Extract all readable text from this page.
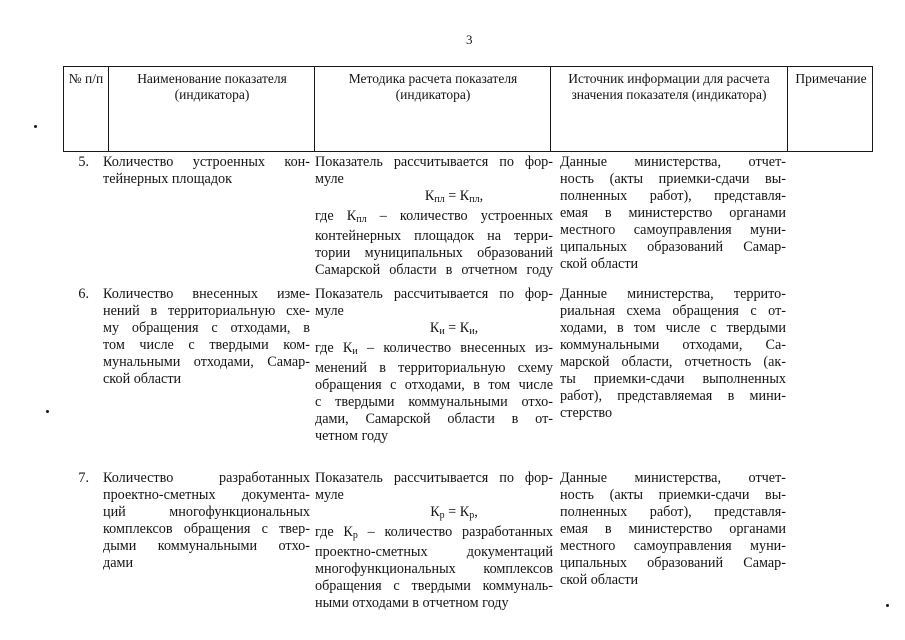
3
№ п/п	Наименование показателя (индикатора)
Методика расчета показателя (индикатора)
Источник информации для расчета значения показателя (индикатора)
Примечание
5. Количество устроенных кон-
тейнерных площадок
Показатель рассчитывается по фор-
муле
$К_{пл} = К_{пл}$,
где $К_{пл}$ – количество устроенных
контейнерных площадок на терри-
тории муниципальных образований
Самарской области в отчетном году
Данные министерства, отчет-
ность (акты приемки-сдачи вы-
полненных работ), представля-
емая в министерство органами
местного самоуправления муни-
ципальных образований Самар-
ской области
6. Количество внесенных изме-
нений в территориальную схе-
му обращения с отходами, в
том числе с твердыми ком-
мунальными отходами, Самар-
ской области
Показатель рассчитывается по фор-
муле
$К_и = К_и$,
где $К_и$ – количество внесенных из-
менений в территориальную схему
обращения с отходами, в том числе
с твердыми коммунальными отхо-
дами, Самарской области в от-
четном году
Данные министерства, террито-
риальная схема обращения с от-
ходами, в том числе с твердыми
коммунальными отходами, Са-
марской области, отчетность (ак-
ты приемки-сдачи выполненных
работ), представляемая в мини-
стерство
7. Количество разработанных
проектно-сметных документа-
ций многофункциональных
комплексов обращения с твер-
дыми коммунальными отхо-
дами
Показатель рассчитывается по фор-
муле
$К_р = К_р$,
где $К_р$ – количество разработанных
проектно-сметных документаций
многофункциональных комплексов
обращения с твердыми коммуналь-
ными отходами в отчетном году
Данные министерства, отчет-
ность (акты приемки-сдачи вы-
полненных работ), представля-
емая в министерство органами
местного самоуправления муни-
ципальных образований Самар-
ской области
